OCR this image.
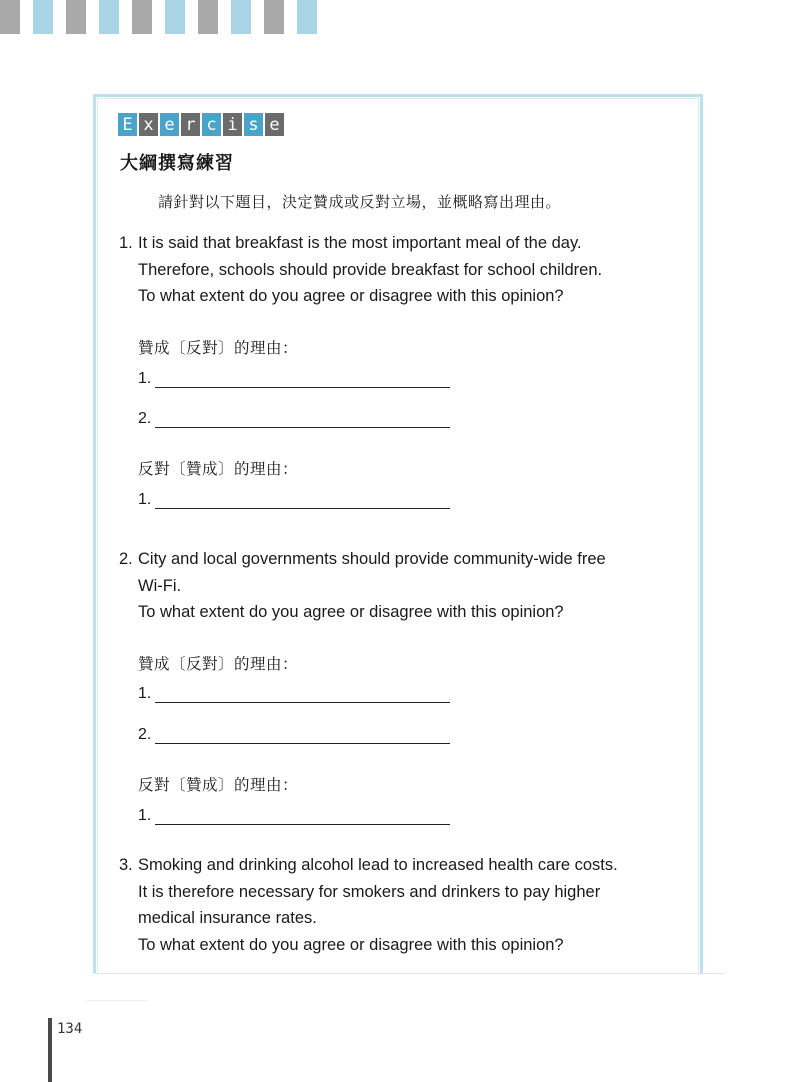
E x e r c i s e
大綱撰寫練習
請針對以下題目，決定贊成或反對立場，並概略寫出理由。
1. It is said that breakfast is the most important meal of the day.
Therefore, schools should provide breakfast for school children.
To what extent do you agree or disagree with this opinion?
贊成〔反對〕的理由：
1.
2.
反對〔贊成〕的理由：
1.
2. City and local governments should provide community-wide free
Wi-Fi.
To what extent do you agree or disagree with this opinion?
贊成〔反對〕的理由：
1.
2.
反對〔贊成〕的理由：
1.
3. Smoking and drinking alcohol lead to increased health care costs.
It is therefore necessary for smokers and drinkers to pay higher
medical insurance rates.
To what extent do you agree or disagree with this opinion?
134
